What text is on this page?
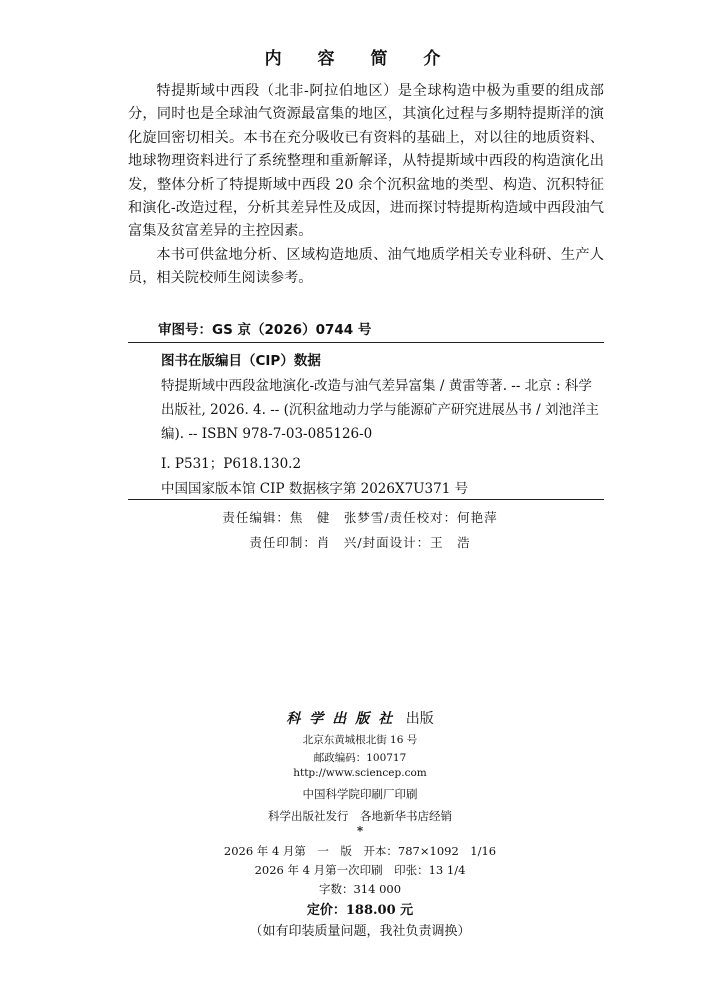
内 容 简 介

特提斯域中西段（北非-阿拉伯地区）是全球构造中极为重要的组成部分，同时也是全球油气资源最富集的地区，其演化过程与多期特提斯洋的演化旋回密切相关。本书在充分吸收已有资料的基础上，对以往的地质资料、地球物理资料进行了系统整理和重新解译，从特提斯域中西段的构造演化出发，整体分析了特提斯域中西段 20 余个沉积盆地的类型、构造、沉积特征和演化-改造过程，分析其差异性及成因，进而探讨特提斯构造域中西段油气富集及贫富差异的主控因素。

本书可供盆地分析、区域构造地质、油气地质学相关专业科研、生产人员，相关院校师生阅读参考。

审图号：GS 京（2026）0744 号
图书在版编目（CIP）数据
特提斯域中西段盆地演化-改造与油气差异富集 / 黄雷等著. -- 北京 : 科学出版社, 2026. 4. -- (沉积盆地动力学与能源矿产研究进展丛书 / 刘池洋主编). -- ISBN 978-7-03-085126-0
Ⅰ. P531；P618.130.2
中国国家版本馆 CIP 数据核字第 2026X7U371 号
责任编辑：焦　健　张梦雪/责任校对：何艳萍
责任印制：肖　兴/封面设计：王　浩
科学出版社 出版
北京东黄城根北街 16 号
邮政编码：100717
http://www.sciencep.com
中国科学院印刷厂印刷
科学出版社发行　各地新华书店经销
*
2026 年 4 月第　一　版　开本：787×1092　1/16
2026 年 4 月第一次印刷　印张：13 1/4
字数：314 000
定价：188.00 元
（如有印装质量问题，我社负责调换）
